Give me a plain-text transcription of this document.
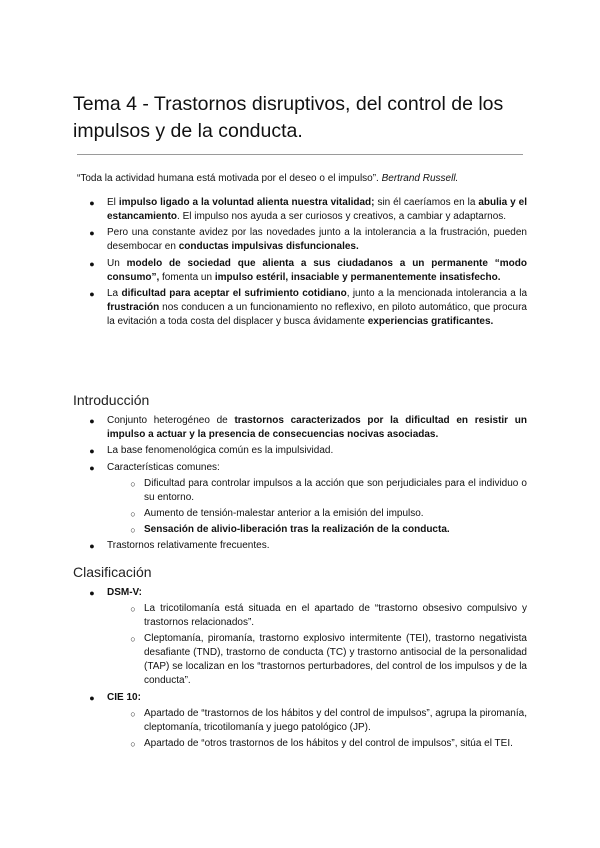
Tema 4 - Trastornos disruptivos, del control de los impulsos y de la conducta.

“Toda la actividad humana está motivada por el deseo o el impulso”. Bertrand Russell.

● El impulso ligado a la voluntad alienta nuestra vitalidad; sin él caeríamos en la abulia y el estancamiento. El impulso nos ayuda a ser curiosos y creativos, a cambiar y adaptarnos.
● Pero una constante avidez por las novedades junto a la intolerancia a la frustración, pueden desembocar en conductas impulsivas disfuncionales.
● Un modelo de sociedad que alienta a sus ciudadanos a un permanente “modo consumo”, fomenta un impulso estéril, insaciable y permanentemente insatisfecho.
● La dificultad para aceptar el sufrimiento cotidiano, junto a la mencionada intolerancia a la frustración nos conducen a un funcionamiento no reflexivo, en piloto automático, que procura la evitación a toda costa del displacer y busca ávidamente experiencias gratificantes.
Introducción
● Conjunto heterogéneo de trastornos caracterizados por la dificultad en resistir un impulso a actuar y la presencia de consecuencias nocivas asociadas.
● La base fenomenológica común es la impulsividad.
● Características comunes:
○ Dificultad para controlar impulsos a la acción que son perjudiciales para el individuo o su entorno.
○ Aumento de tensión-malestar anterior a la emisión del impulso.
○ Sensación de alivio-liberación tras la realización de la conducta.
● Trastornos relativamente frecuentes.
Clasificación
● DSM-V:
○ La tricotilomanía está situada en el apartado de “trastorno obsesivo compulsivo y trastornos relacionados”.
○ Cleptomanía, piromanía, trastorno explosivo intermitente (TEI), trastorno negativista desafiante (TND), trastorno de conducta (TC) y trastorno antisocial de la personalidad (TAP) se localizan en los “trastornos perturbadores, del control de los impulsos y de la conducta”.
● CIE 10:
○ Apartado de “trastornos de los hábitos y del control de impulsos”, agrupa la piromanía, cleptomanía, tricotilomanía y juego patológico (JP).
○ Apartado de “otros trastornos de los hábitos y del control de impulsos”, sitúa el TEI.
